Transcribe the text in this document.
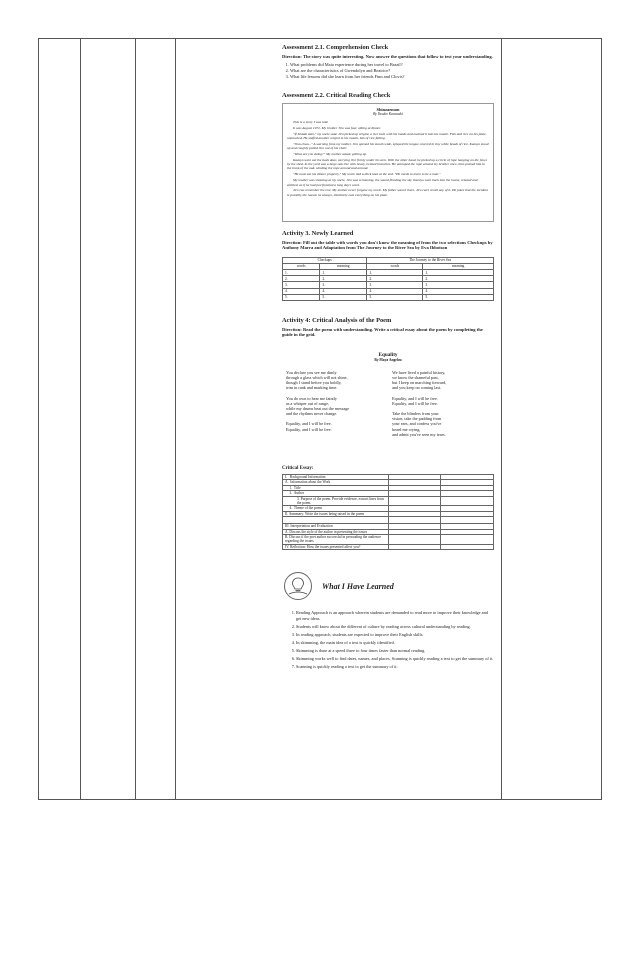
Assessment 2.1. Comprehension Check
Direction: The story was quite interesting. Now answer the questions that follow to test your understanding.
1. What problems did Maia experience during her travel to Brazil?
2. What are the characteristics of Gwendolyn and Beatrice?
3. What life lessons did she learn from her friends Finn and Clovis?
Assessment 2.2. Critical Reading Check
Shinzaemon
By Yasuko Kawasaki

This is a story I was told.

It was August 1972. My brother Jiro was four, sitting at dinner.

"If Ishiaki man," my uncle said. Jiro picked up origini, a rice ball, with his hands and mashed it into his mouth. Fish and rice on his plate, untouched. He stuffed another origini in his mouth, bits of rice falling.

"Jinn-chan..." A warning from my mother. Jiro opened his mouth wide, splayed his tongue covered in tiny white beads of rice. Kazuyo stood up and roughly pulled Jiro out of his chair.

"What are you doing?" My mother asked, getting up.

Kazuyo went out the back door, carrying Jiro firmly under his arm. With the other hand, he picked up a circle of rope hanging on the fence by the shed. In the yard was a large oak tree with heavy, twisted branches. He unlooped the rope around my brother once, then pushed him to the trunk of the oak, winding the rope around and around.

"He must eat his dinner properly," My uncle tied a thick knot at the end. "He needs to learn to be a man."

My mother was shouting at my uncle, Jiro was screaming, the sound flooding the sky. Kazuyo went back into the house, relaxed and entitled, as if he had just finished a long day's work.

Jiro can remember the rest. My mother never forgave my uncle. My father wasn't there. Jiro can't recall any of it. He jokes that the incident is possibly the reason he always, intuitively eats everything on his plate.

Activity 3. Newly Learned
Direction: Fill out the table with words you don't know the meaning of from the two selections Checkups by Anthony Marra and Adaptation from The Journey to the River Sea by Eva Ibbotson
Checkups		The Journey to the River Sea	
words	meaning	words	meaning
1.	1.	1.	1.
2.	2.	2.	2.
3.	3.	3.	3.
4.	4.	4.	4.
5.	5.	5.	5.
Activity 4: Critical Analysis of the Poem
Direction: Read the poem with understanding. Write a critical essay about the poem by completing the guide in the grid.
Equality
By Maya Angelou
You declare you see me dimly
through a glass which will not shine,
though I stand before you boldly,
trim in rank and marking time.
You do own to hear me faintly
as a whisper out of range,
while my drums beat out the message
and the rhythms never change.
Equality, and I will be free.
Equality, and I will be free.
We have lived a painful history,
we know the shameful past,
but I keep on marching forward,
and you keep on coming last.
Equality, and I will be free.
Equality, and I will be free.
Take the blinders from your
vision, take the padding from
your ears, and confess you've
heard me crying,
and admit you've seen my tears.
Critical Essay:
I.   Background Information		
A.  Information about the Work		
1.  Title		
2.  Author		
3. Purpose of the poem. Provide evidence, extract lines from the poem.		
4.  Theme of the poem		
II. Summary: Write the issues being raised in the poem		

III. Interpretation and Evaluation		
A. Discuss the style of the author in presenting the issues		
B. Discuss if the poet author successful in persuading the audience regarding the issues.		
IV. Reflection: How the issues presented affect you?		
What I Have Learned
1. Reading Approach is an approach wherein students are demanded to read more to improve their knowledge and get new ideas.
2. Students will know about the different of culture by reading across cultural understanding by reading.
3. In reading approach, students are expected to improve their English skills.
4. In skimming, the main idea of a text is quickly identified.
5. Skimming is done at a speed three to four times faster than normal reading.
6. Skimming works well to find dates, names, and places. Scanning is quickly reading a text to get the summary of it.
7. Scanning is quickly reading a text to get the summary of it.
